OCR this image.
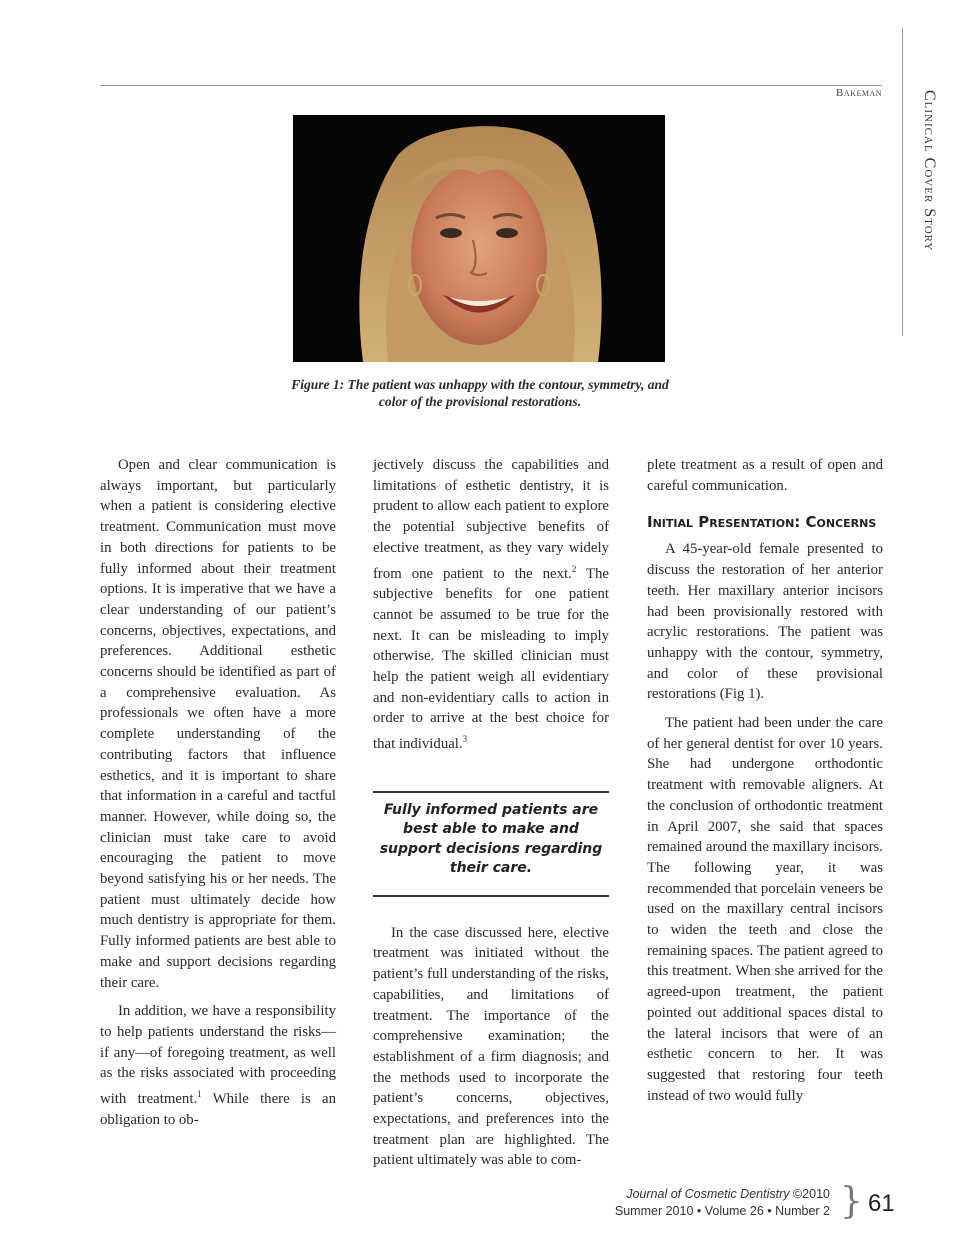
Bakeman	Clinical Cover Story
Figure 1: The patient was unhappy with the contour, symmetry, and color of the provisional restorations.

Open and clear communication is always important, but particularly when a patient is considering elective treatment. Communication must move in both directions for patients to be fully informed about their treatment options. It is imperative that we have a clear understanding of our patient’s concerns, objectives, expectations, and preferences. Additional esthetic concerns should be identified as part of a comprehensive evaluation. As professionals we often have a more complete understanding of the contributing factors that influence esthetics, and it is important to share that information in a careful and tactful manner. However, while doing so, the clinician must take care to avoid encouraging the patient to move beyond satisfying his or her needs. The patient must ultimately decide how much dentistry is appropriate for them. Fully informed patients are best able to make and support decisions regarding their care.

In addition, we have a responsibility to help patients understand the risks—if any—of foregoing treatment, as well as the risks associated with proceeding with treatment.$^1$ While there is an obligation to ob-

jectively discuss the capabilities and limitations of esthetic dentistry, it is prudent to allow each patient to explore the potential subjective benefits of elective treatment, as they vary widely from one patient to the next.$^2$ The subjective benefits for one patient cannot be assumed to be true for the next. It can be misleading to imply otherwise. The skilled clinician must help the patient weigh all evidentiary and non-evidentiary calls to action in order to arrive at the best choice for that individual.$^3$

Fully informed patients are best able to make and support decisions regarding their care.

In the case discussed here, elective treatment was initiated without the patient’s full understanding of the risks, capabilities, and limitations of treatment. The importance of the comprehensive examination; the establishment of a firm diagnosis; and the methods used to incorporate the patient’s concerns, objectives, expectations, and preferences into the treatment plan are highlighted. The patient ultimately was able to com-

plete treatment as a result of open and careful communication.

Initial Presentation: Concerns

A 45-year-old female presented to discuss the restoration of her anterior teeth. Her maxillary anterior incisors had been provisionally restored with acrylic restorations. The patient was unhappy with the contour, symmetry, and color of these provisional restorations (Fig 1).

The patient had been under the care of her general dentist for over 10 years. She had undergone orthodontic treatment with removable aligners. At the conclusion of orthodontic treatment in April 2007, she said that spaces remained around the maxillary incisors. The following year, it was recommended that porcelain veneers be used on the maxillary central incisors to widen the teeth and close the remaining spaces. The patient agreed to this treatment. When she arrived for the agreed-upon treatment, the patient pointed out additional spaces distal to the lateral incisors that were of an esthetic concern to her. It was suggested that restoring four teeth instead of two would fully

Journal of Cosmetic Dentistry ©2010
Summer 2010 • Volume 26 • Number 2 } 61
